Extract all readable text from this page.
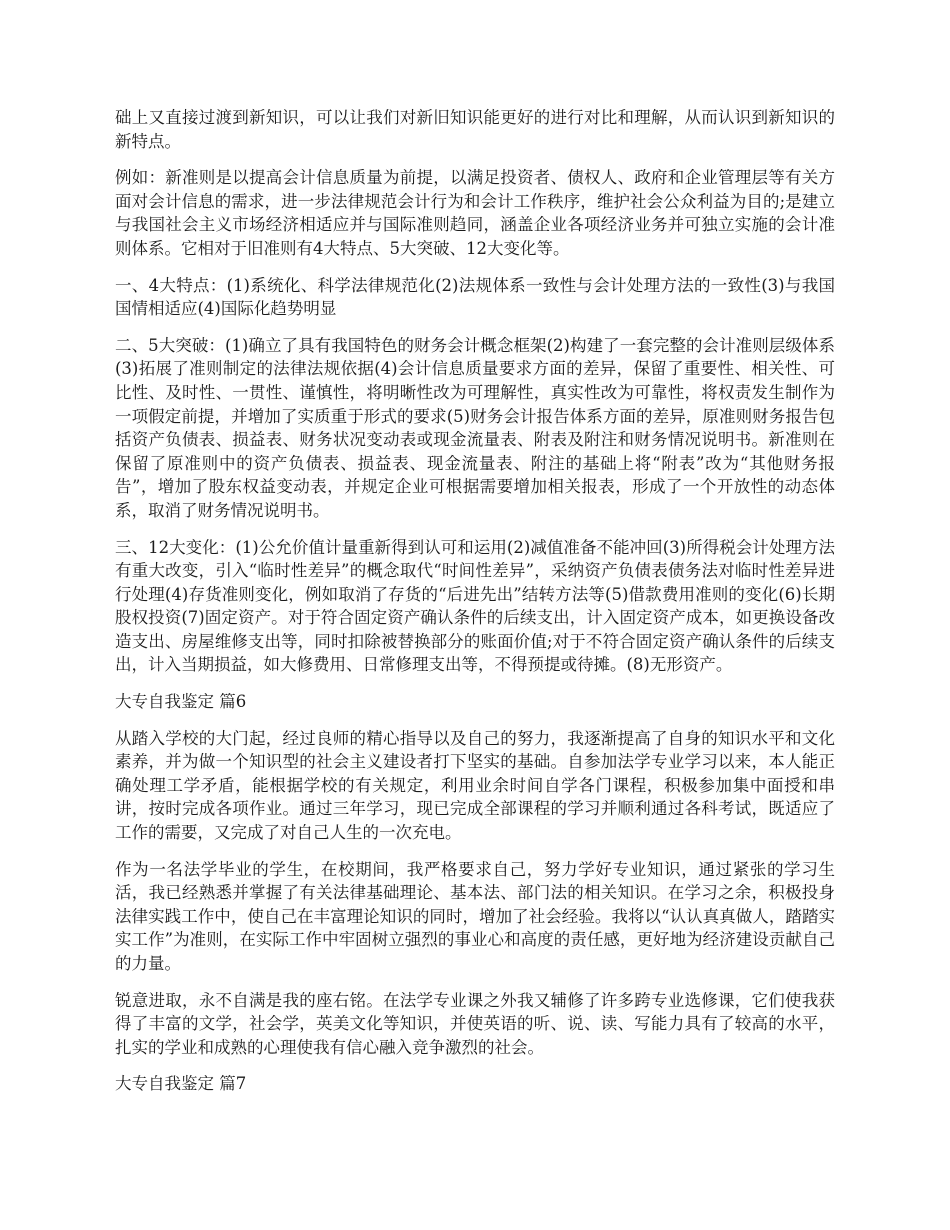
础上又直接过渡到新知识，可以让我们对新旧知识能更好的进行对比和理解，从而认识到新知识的新特点。

例如：新准则是以提高会计信息质量为前提，以满足投资者、债权人、政府和企业管理层等有关方面对会计信息的需求，进一步法律规范会计行为和会计工作秩序，维护社会公众利益为目的;是建立与我国社会主义市场经济相适应并与国际准则趋同，涵盖企业各项经济业务并可独立实施的会计准则体系。它相对于旧准则有4大特点、5大突破、12大变化等。

一、4大特点：(1)系统化、科学法律规范化(2)法规体系一致性与会计处理方法的一致性(3)与我国国情相适应(4)国际化趋势明显

二、5大突破：(1)确立了具有我国特色的财务会计概念框架(2)构建了一套完整的会计准则层级体系(3)拓展了准则制定的法律法规依据(4)会计信息质量要求方面的差异，保留了重要性、相关性、可比性、及时性、一贯性、谨慎性，将明晰性改为可理解性，真实性改为可靠性，将权责发生制作为一项假定前提，并增加了实质重于形式的要求(5)财务会计报告体系方面的差异，原准则财务报告包括资产负债表、损益表、财务状况变动表或现金流量表、附表及附注和财务情况说明书。新准则在保留了原准则中的资产负债表、损益表、现金流量表、附注的基础上将“附表”改为“其他财务报告”，增加了股东权益变动表，并规定企业可根据需要增加相关报表，形成了一个开放性的动态体系，取消了财务情况说明书。

三、12大变化：(1)公允价值计量重新得到认可和运用(2)减值准备不能冲回(3)所得税会计处理方法有重大改变，引入“临时性差异”的概念取代“时间性差异”，采纳资产负债表债务法对临时性差异进行处理(4)存货准则变化，例如取消了存货的“后进先出”结转方法等(5)借款费用准则的变化(6)长期股权投资(7)固定资产。对于符合固定资产确认条件的后续支出，计入固定资产成本，如更换设备改造支出、房屋维修支出等，同时扣除被替换部分的账面价值;对于不符合固定资产确认条件的后续支出，计入当期损益，如大修费用、日常修理支出等，不得预提或待摊。(8)无形资产。

大专自我鉴定 篇6

从踏入学校的大门起，经过良师的精心指导以及自己的努力，我逐渐提高了自身的知识水平和文化素养，并为做一个知识型的社会主义建设者打下坚实的基础。自参加法学专业学习以来，本人能正确处理工学矛盾，能根据学校的有关规定，利用业余时间自学各门课程，积极参加集中面授和串讲，按时完成各项作业。通过三年学习，现已完成全部课程的学习并顺利通过各科考试，既适应了工作的需要，又完成了对自己人生的一次充电。

作为一名法学毕业的学生，在校期间，我严格要求自己，努力学好专业知识，通过紧张的学习生活，我已经熟悉并掌握了有关法律基础理论、基本法、部门法的相关知识。在学习之余，积极投身法律实践工作中，使自己在丰富理论知识的同时，增加了社会经验。我将以“认认真真做人，踏踏实实工作”为准则，在实际工作中牢固树立强烈的事业心和高度的责任感，更好地为经济建设贡献自己的力量。

锐意进取，永不自满是我的座右铭。在法学专业课之外我又辅修了许多跨专业选修课，它们使我获得了丰富的文学，社会学，英美文化等知识，并使英语的听、说、读、写能力具有了较高的水平，扎实的学业和成熟的心理使我有信心融入竞争激烈的社会。

大专自我鉴定 篇7
